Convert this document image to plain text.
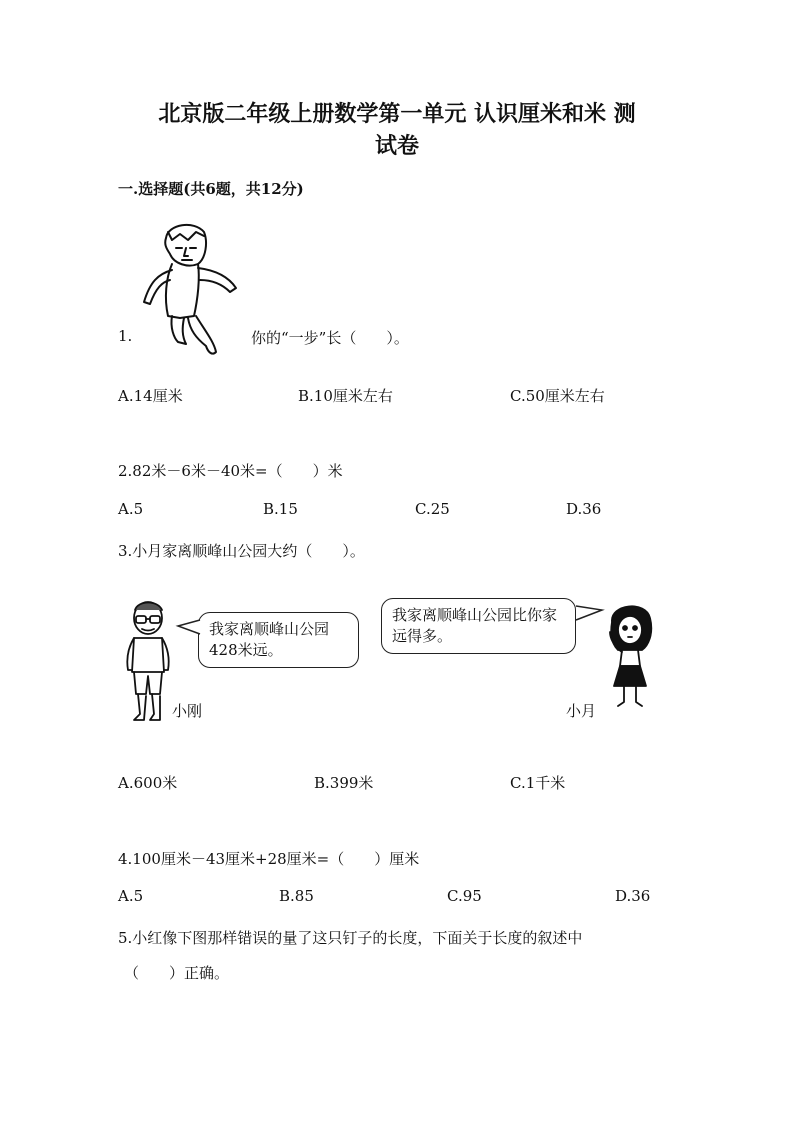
北京版二年级上册数学第一单元 认识厘米和米 测
试卷
一.选择题(共6题，共12分)
1.	你的“一步”长（　　）。
A.14厘米	B.10厘米左右	C.50厘米左右
2.82米－6米－40米=（　　）米
A.5	B.15	C.25	D.36
3.小月家离顺峰山公园大约（　　）。
我家离顺峰山公园428米远。
我家离顺峰山公园比你家远得多。
小刚	小月
A.600米	B.399米	C.1千米
4.100厘米－43厘米+28厘米=（　　）厘米
A.5	B.85	C.95	D.36
5.小红像下图那样错误的量了这只钉子的长度，下面关于长度的叙述中
（　　）正确。
